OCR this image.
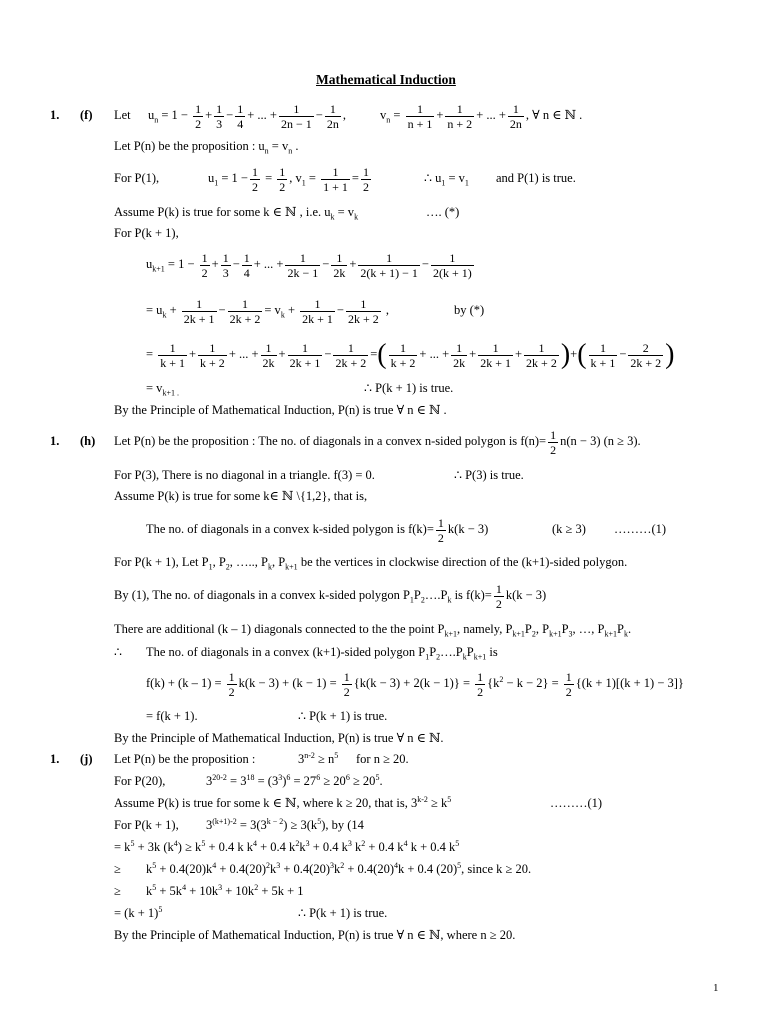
Mathematical Induction
1. (f) Let $u_n = 1 - \frac{1}{2} + \frac{1}{3} - \frac{1}{4}$ + ... + $\frac{1}{2n - 1} - \frac{1}{2n}$ ,	$v_n = \frac{1}{n + 1} + \frac{1}{n + 2}$ + ... + $\frac{1}{2n}$ , ∀ n ∈ ℕ .
Let P(n) be the proposition : $u_n = v_n$ .
For P(1),	$u_1 = 1 - \frac{1}{2} = \frac{1}{2}$ , $v_1 = \frac{1}{1 + 1} = \frac{1}{2}$	∴ $u_1 = v_1$ and P(1) is true.
Assume P(k) is true for some k ∈ ℕ , i.e. $u_k = v_k$	…. (*)
For P(k + 1),
$u_{k+1} = 1 - \frac{1}{2} + \frac{1}{3} - \frac{1}{4}$ + ... + $\frac{1}{2k - 1} - \frac{1}{2k} + \frac{1}{2(k + 1) - 1} - \frac{1}{2(k + 1)}$
= $u_k + \frac{1}{2k + 1} - \frac{1}{2k + 2} = v_k + \frac{1}{2k + 1} - \frac{1}{2k + 2}$ ,	by (*)
= $\frac{1}{k + 1} + \frac{1}{k + 2}$ + ... + $\frac{1}{2k} + \frac{1}{2k + 1} - \frac{1}{2k + 2}$ =( $\frac{1}{k + 2}$ + ... + $\frac{1}{2k} + \frac{1}{2k + 1} + \frac{1}{2k + 2}$ )+( $\frac{1}{k + 1} - \frac{2}{2k + 2}$ )
= $v_{k+1 .}$	∴ P(k + 1) is true.
By the Principle of Mathematical Induction, P(n) is true ∀ n ∈ ℕ .
1. (h) Let P(n) be the proposition : The no. of diagonals in a convex n-sided polygon is $f(n)= \frac{1}{2} n(n - 3) (n \ge 3)$.
For P(3), There is no diagonal in a triangle. f(3) = 0.	∴ P(3) is true.
Assume P(k) is true for some k∈ ℕ \{1,2}, that is,
The no. of diagonals in a convex k-sided polygon is $f(k)= \frac{1}{2} k(k - 3)$	(k ≥ 3) ………(1)
For P(k + 1), Let $P_1$, $P_2$, ….., $P_k$, $P_{k+1}$ be the vertices in clockwise direction of the (k+1)-sided polygon.
By (1), The no. of diagonals in a convex k-sided polygon $P_1P_2\dots.P_k$ is $f(k)= \frac{1}{2} k(k - 3)$
There are additional (k – 1) diagonals connected to the the point $P_{k+1}$, namely, $P_{k+1}P_2$, $P_{k+1}P_3$, …, $P_{k+1}P_k$.
∴ The no. of diagonals in a convex (k+1)-sided polygon $P_1P_2\dots.P_kP_{k+1}$ is
$f(k) + (k - 1) = \frac{1}{2} k(k - 3) + (k - 1) = \frac{1}{2} \{k(k - 3) + 2(k - 1)\} = \frac{1}{2} \{k^2 - k - 2\} = \frac{1}{2} \{(k + 1)[(k + 1) - 3]\}$
= f(k + 1).	∴ P(k + 1) is true.
By the Principle of Mathematical Induction, P(n) is true ∀ n ∈ ℕ.
1. (j) Let P(n) be the proposition :	$3^{n-2} \ge n^5$ for n ≥ 20.
For P(20),	$3^{20-2} = 3^{18} = (3^3)^6 = 27^6 \ge 20^6 \ge 20^5$.
Assume P(k) is true for some k ∈ ℕ, where k ≥ 20, that is, $3^{k-2} \ge k^5$	………(1)
For P(k + 1), $3^{(k+1)-2} = 3(3^{k - 2}) \ge 3(k^5)$, by (14
= $k^5 + 3k$ $(k^4) \ge k^5 + 0.4$ k $k^4 + 0.4$ $k^2k^3 + 0.4$ $k^3$ $k^2 + 0.4$ $k^4$ k + 0.4 $k^5$
≥ $k^5 + 0.4(20)k^4 + 0.4(20)^2k^3 + 0.4(20)^3k^2 + 0.4(20)^4k + 0.4$ $(20)^5$, since k ≥ 20.
≥ $k^5 + 5k^4 + 10k^3 + 10k^2 + 5k + 1$
= $(k + 1)^5$	∴ P(k + 1) is true.
By the Principle of Mathematical Induction, P(n) is true ∀ n ∈ ℕ, where n ≥ 20.
1
